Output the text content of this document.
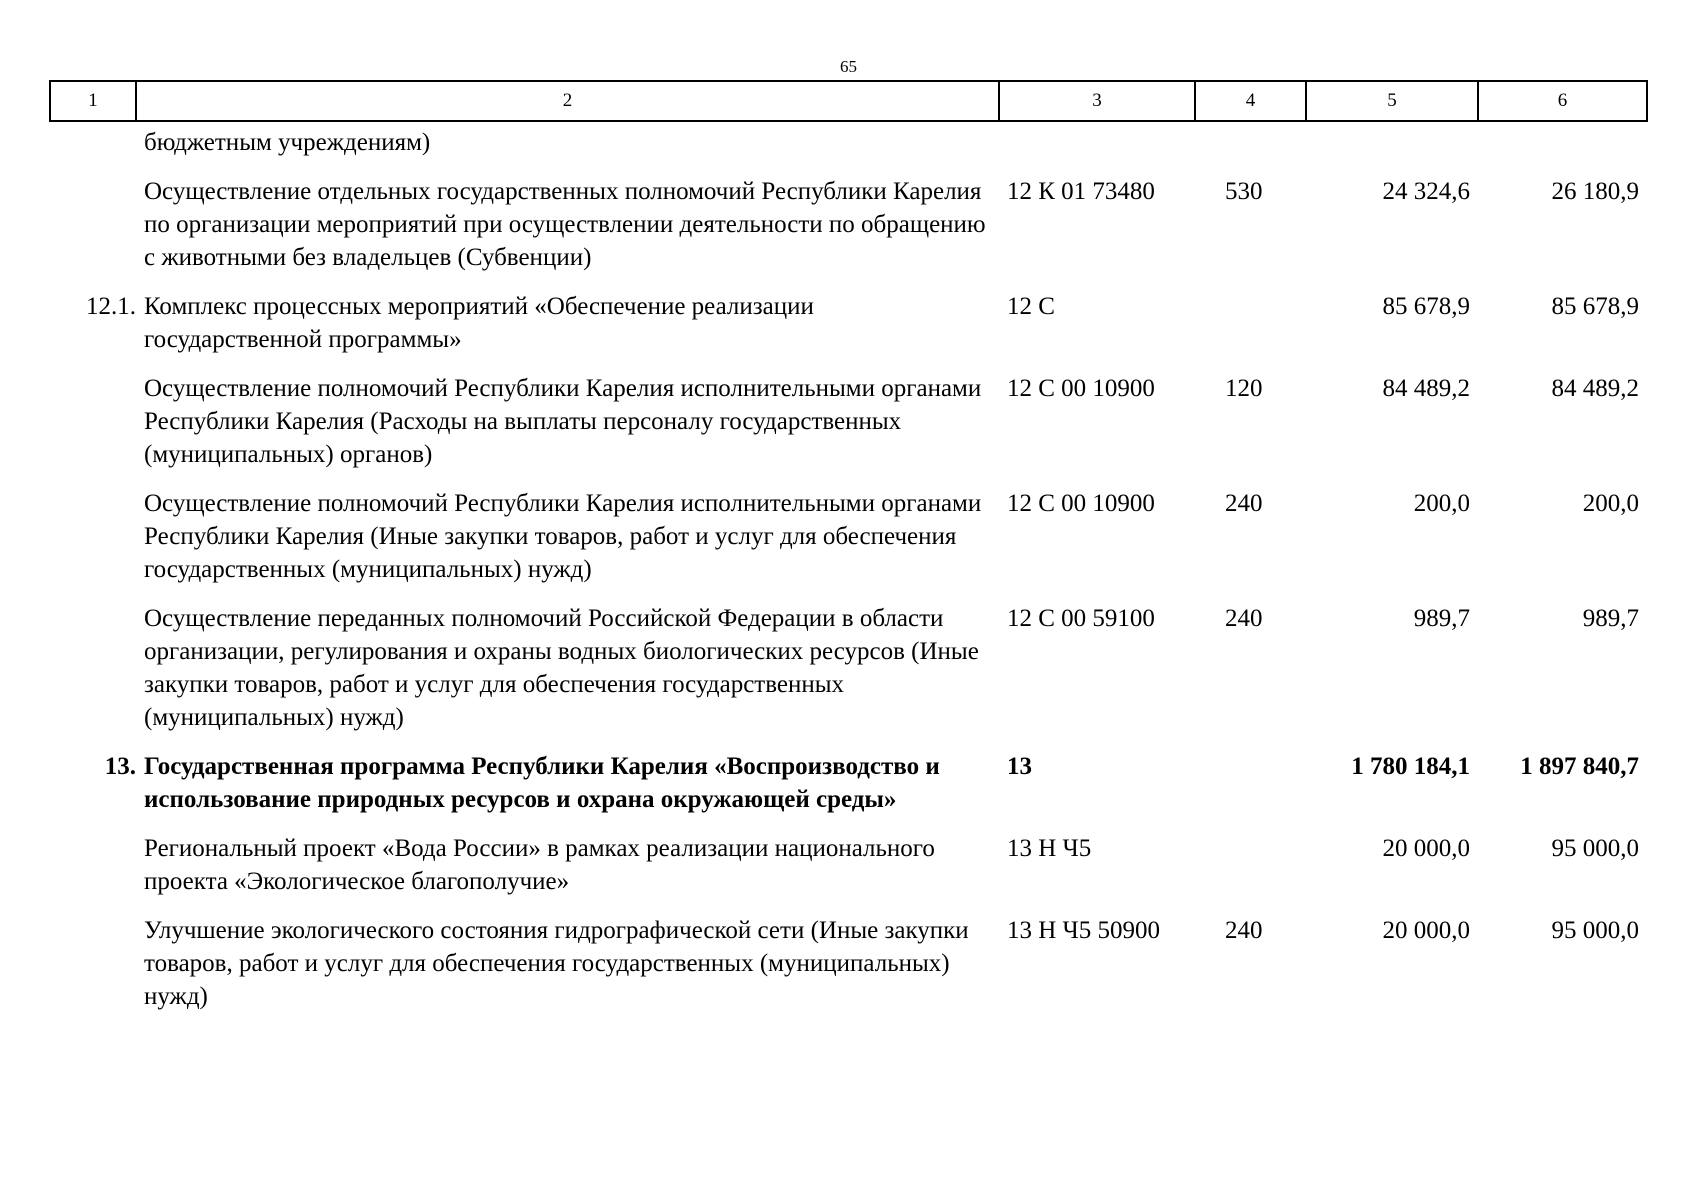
65
1	2	3	4	5	6
	бюджетным учреждениям)				
	Осуществление отдельных государственных полномочий Республики Карелия по организации мероприятий при осуществлении деятельности по обращению с животными без владельцев (Субвенции)	12 К 01 73480	530	24 324,6	26 180,9
12.1.	Комплекс процессных мероприятий «Обеспечение реализации государственной программы»	12 С		85 678,9	85 678,9
	Осуществление полномочий Республики Карелия исполнительными органами Республики Карелия (Расходы на выплаты персоналу государственных (муниципальных) органов)	12 С 00 10900	120	84 489,2	84 489,2
	Осуществление полномочий Республики Карелия исполнительными органами Республики Карелия (Иные закупки товаров, работ и услуг для обеспечения государственных (муниципальных) нужд)	12 С 00 10900	240	200,0	200,0
	Осуществление переданных полномочий Российской Федерации в области организации, регулирования и охраны водных биологических ресурсов (Иные закупки товаров, работ и услуг для обеспечения государственных (муниципальных) нужд)	12 С 00 59100	240	989,7	989,7
13.	Государственная программа Республики Карелия «Воспроизводство и использование природных ресурсов и охрана окружающей среды»	13		1 780 184,1	1 897 840,7
	Региональный проект «Вода России» в рамках реализации национального проекта «Экологическое благополучие»	13 Н Ч5		20 000,0	95 000,0
	Улучшение экологического состояния гидрографической сети (Иные закупки товаров, работ и услуг для обеспечения государственных (муниципальных) нужд)	13 Н Ч5 50900	240	20 000,0	95 000,0
